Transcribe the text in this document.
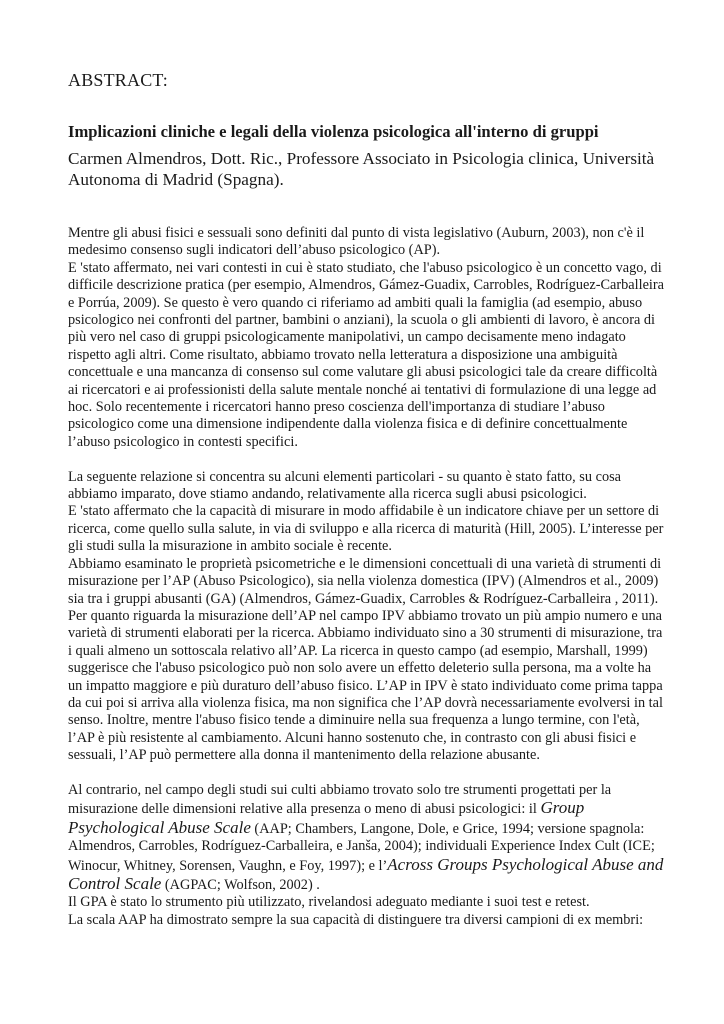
ABSTRACT:
Implicazioni cliniche e legali della violenza psicologica all'interno di gruppi
Carmen Almendros, Dott. Ric., Professore Associato in Psicologia clinica, Università Autonoma di Madrid (Spagna).

Mentre gli abusi fisici e sessuali sono definiti dal punto di vista legislativo (Auburn, 2003), non c'è il medesimo consenso sugli indicatori dell’abuso psicologico (AP).

E 'stato affermato, nei vari contesti in cui è stato studiato, che l'abuso psicologico è un concetto vago, di difficile descrizione pratica (per esempio, Almendros, Gámez-Guadix, Carrobles, Rodríguez-Carballeira e Porrúa, 2009). Se questo è vero quando ci riferiamo ad ambiti quali la famiglia (ad esempio, abuso psicologico nei confronti del partner, bambini o anziani), la scuola o gli ambienti di lavoro, è ancora di più vero nel caso di gruppi psicologicamente manipolativi, un campo decisamente meno indagato rispetto agli altri. Come risultato, abbiamo trovato nella letteratura a disposizione una ambiguità concettuale e una mancanza di consenso sul come valutare gli abusi psicologici tale da creare difficoltà ai ricercatori e ai professionisti della salute mentale nonché ai tentativi di formulazione di una legge ad hoc. Solo recentemente i ricercatori hanno preso coscienza dell'importanza di studiare l’abuso psicologico come una dimensione indipendente dalla violenza fisica e di definire concettualmente l’abuso psicologico in contesti specifici.

La seguente relazione si concentra su alcuni elementi particolari - su quanto è stato fatto, su cosa abbiamo imparato, dove stiamo andando, relativamente alla ricerca sugli abusi psicologici.

E 'stato affermato che la capacità di misurare in modo affidabile è un indicatore chiave per un settore di ricerca, come quello sulla salute, in via di sviluppo e alla ricerca di maturità (Hill, 2005). L’interesse per gli studi sulla la misurazione in ambito sociale è recente.

Abbiamo esaminato le proprietà psicometriche e le dimensioni concettuali di una varietà di strumenti di misurazione per l’AP (Abuso Psicologico), sia nella violenza domestica (IPV) (Almendros et al., 2009) sia tra i gruppi abusanti (GA) (Almendros, Gámez-Guadix, Carrobles & Rodríguez-Carballeira , 2011).

Per quanto riguarda la misurazione dell’AP nel campo IPV abbiamo trovato un più ampio numero e una varietà di strumenti elaborati per la ricerca. Abbiamo individuato sino a 30 strumenti di misurazione, tra i quali almeno un sottoscala relativo all’AP. La ricerca in questo campo (ad esempio, Marshall, 1999) suggerisce che l'abuso psicologico può non solo avere un effetto deleterio sulla persona, ma a volte ha un impatto maggiore e più duraturo dell’abuso fisico. L’AP in IPV è stato individuato come prima tappa da cui poi si arriva alla violenza fisica, ma non significa che l’AP dovrà necessariamente evolversi in tal senso. Inoltre, mentre l'abuso fisico tende a diminuire nella sua frequenza a lungo termine, con l'età, l’AP è più resistente al cambiamento. Alcuni hanno sostenuto che, in contrasto con gli abusi fisici e sessuali, l’AP può permettere alla donna il mantenimento della relazione abusante.

Al contrario, nel campo degli studi sui culti abbiamo trovato solo tre strumenti progettati per la misurazione delle dimensioni relative alla presenza o meno di abusi psicologici: il Group Psychological Abuse Scale (AAP; Chambers, Langone, Dole, e Grice, 1994; versione spagnola: Almendros, Carrobles, Rodríguez-Carballeira, e Janša, 2004); individuali Experience Index Cult (ICE; Winocur, Whitney, Sorensen, Vaughn, e Foy, 1997); e l’Across Groups Psychological Abuse and Control Scale (AGPAC; Wolfson, 2002) .

Il GPA è stato lo strumento più utilizzato, rivelandosi adeguato mediante i suoi test e retest.

La scala AAP ha dimostrato sempre la sua capacità di distinguere tra diversi campioni di ex membri:
